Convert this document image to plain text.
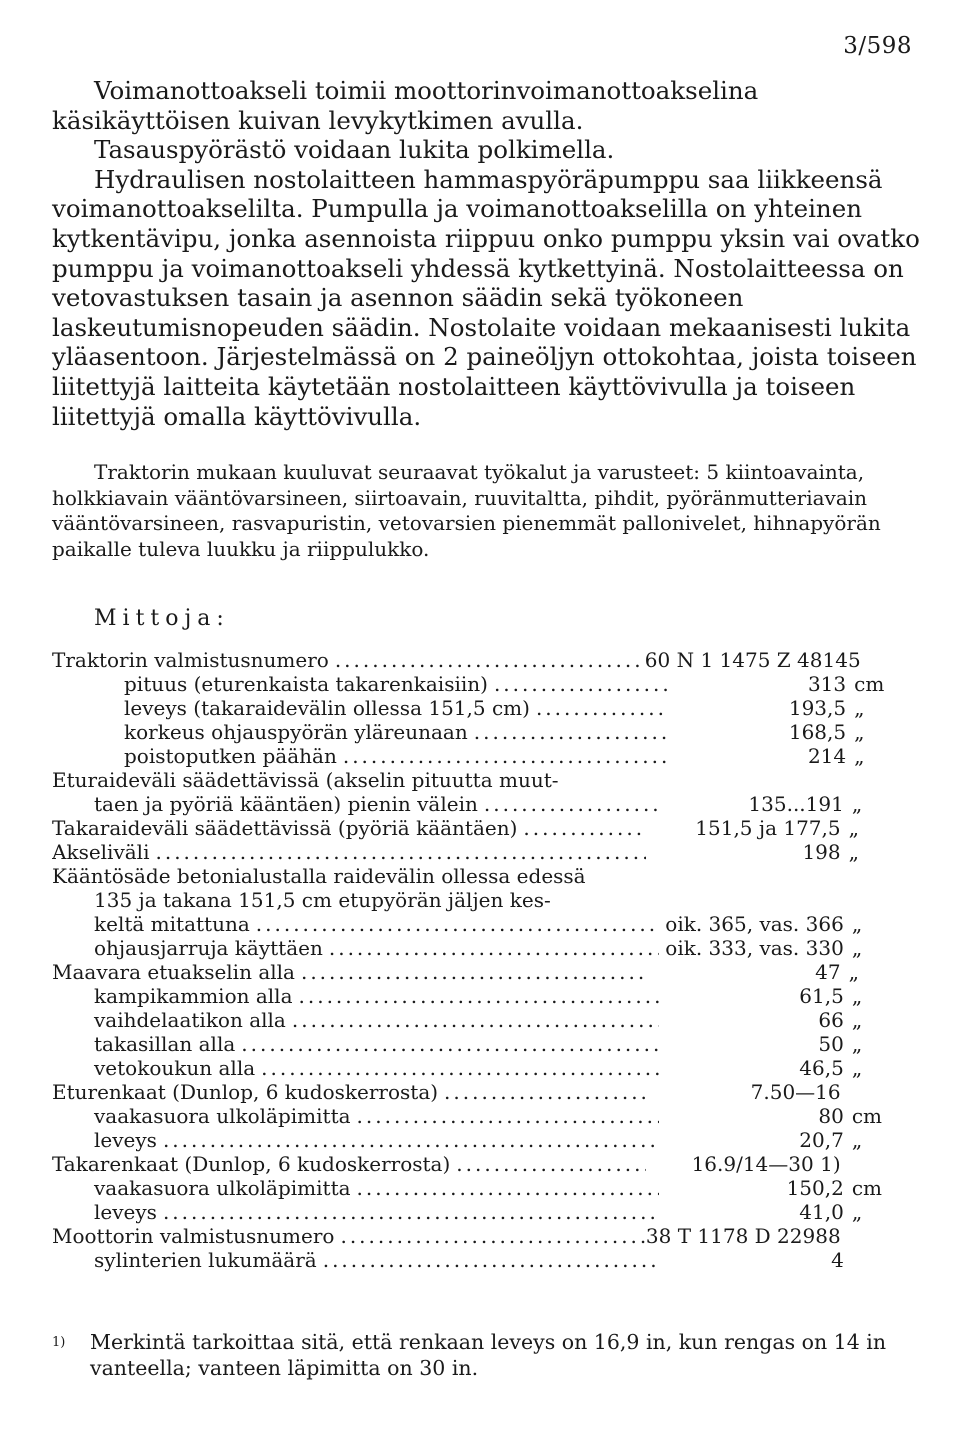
3/598

Voimanottoakseli toimii moottorinvoimanottoakselina käsikäyttöisen kuivan levykytkimen avulla.

Tasauspyörästö voidaan lukita polkimella.

Hydraulisen nostolaitteen hammaspyöräpumppu saa liikkeensä voimanottoakselilta. Pumpulla ja voimanottoakselilla on yhteinen kytkentävipu, jonka asennoista riippuu onko pumppu yksin vai ovatko pumppu ja voimanottoakseli yhdessä kytkettyinä. Nostolaitteessa on vetovastuksen tasain ja asennon säädin sekä työkoneen laskeutumisnopeuden säädin. Nostolaite voidaan mekaanisesti lukita yläasentoon. Järjestelmässä on 2 paineöljyn ottokohtaa, joista toiseen liitettyjä laitteita käytetään nostolaitteen käyttövivulla ja toiseen liitettyjä omalla käyttövivulla.

Traktorin mukaan kuuluvat seuraavat työkalut ja varusteet: 5 kiintoavainta, holkkiavain vääntövarsineen, siirtoavain, ruuvitaltta, pihdit, pyöränmutteriavain vääntövarsineen, rasvapuristin, vetovarsien pienemmät pallonivelet, hihnapyörän paikalle tuleva luukku ja riippulukko.

Mittoja:
Traktorin valmistusnumero .....	60 N 1 1475 Z 48145
pituus (eturenkaista takarenkaisiin) .....	313 cm
leveys (takaraidevälin ollessa 151,5 cm) .....	193,5 „
korkeus ohjauspyörän yläreunaan .....	168,5 „
poistoputken päähän .....	214 „
Eturaideväli säädettävissä (akselin pituutta muut-
taen ja pyöriä kääntäen) pienin välein .....	135...191 „
Takaraideväli säädettävissä (pyöriä kääntäen) .....	151,5 ja 177,5 „
Akseliväli .....	198 „
Kääntösäde betonialustalla raidevälin ollessa edessä
135 ja takana 151,5 cm etupyörän jäljen kes-
keltä mitattuna .....	oik. 365, vas. 366 „
ohjausjarruja käyttäen .....	oik. 333, vas. 330 „
Maavara etuakselin alla .....	47 „
kampikammion alla .....	61,5 „
vaihdelaatikon alla .....	66 „
takasillan alla .....	50 „
vetokoukun alla .....	46,5 „
Eturenkaat (Dunlop, 6 kudoskerrosta) .....	7.50—16
vaakasuora ulkoläpimitta .....	80 cm
leveys .....	20,7 „
Takarenkaat (Dunlop, 6 kudoskerrosta) .....	16.9/14—30 1)
vaakasuora ulkoläpimitta .....	150,2 cm
leveys .....	41,0 „
Moottorin valmistusnumero .....	38 T 1178 D 22988
sylinterien lukumäärä .....	4
$^{1)}$	Merkintä tarkoittaa sitä, että renkaan leveys on 16,9 in, kun rengas on 14 in vanteella; vanteen läpimitta on 30 in.
